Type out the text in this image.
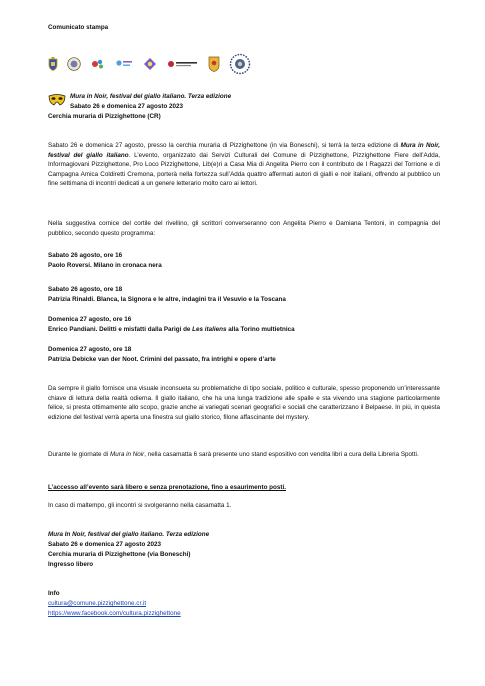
Comunicato stampa
Mura in Noir, festival del giallo italiano. Terza edizione
Sabato 26 e domenica 27 agosto 2023
Cerchia muraria di Pizzighettone (CR)

Sabato 26 e domenica 27 agosto, presso la cerchia muraria di Pizzighettone (in via Boneschi), si terrà la terza edizione di Mura in Noir, festival del giallo italiano. L’evento, organizzato dai Servizi Culturali del Comune di Pizzighettone, Pizzighettone Fiere dell’Adda, Informagiovani Pizzighettone, Pro Loco Pizzighettone, Lib(e)ri a Casa Mia di Angelita Pierro con il contributo de I Ragazzi del Torrione e di Campagna Amica Coldiretti Cremona, porterà nella fortezza sull’Adda quattro affermati autori di gialli e noir italiani, offrendo al pubblico un fine settimana di incontri dedicati a un genere letterario molto caro ai lettori.

Nella suggestiva cornice del cortile del rivellino, gli scrittori converseranno con Angelita Pierro e Damiana Tentoni, in compagnia del pubblico, secondo questo programma:

Sabato 26 agosto, ore 16
Paolo Roversi. Milano in cronaca nera
Sabato 26 agosto, ore 18
Patrizia Rinaldi. Blanca, la Signora e le altre, indagini tra il Vesuvio e la Toscana
Domenica 27 agosto, ore 16
Enrico Pandiani. Delitti e misfatti dalla Parigi de Les italiens alla Torino multietnica
Domenica 27 agosto, ore 18
Patrizia Debicke van der Noot. Crimini del passato, fra intrighi e opere d’arte

Da sempre il giallo fornisce una visuale inconsueta su problematiche di tipo sociale, politico e culturale, spesso proponendo un’interessante chiave di lettura della realtà odierna. Il giallo italiano, che ha una lunga tradizione alle spalle e sta vivendo una stagione particolarmente felice, si presta ottimamente allo scopo, grazie anche ai variegati scenari geografici e sociali che caratterizzano il Belpaese. In più, in questa edizione del festival verrà aperta una finestra sul giallo storico, filone affascinante del mystery.

Durante le giornate di Mura in Noir, nella casamatta 6 sarà presente uno stand espositivo con vendita libri a cura della Libreria Spotti.

L’accesso all’evento sarà libero e senza prenotazione, fino a esaurimento posti.
In caso di maltempo, gli incontri si svolgeranno nella casamatta 1.
Mura In Noir, festival del giallo italiano. Terza edizione
Sabato 26 e domenica 27 agosto 2023
Cerchia muraria di Pizzighettone (via Boneschi)
Ingresso libero
Info
cultura@comune.pizzighettone.cr.it
https://www.facebook.com/cultura.pizzighettone
